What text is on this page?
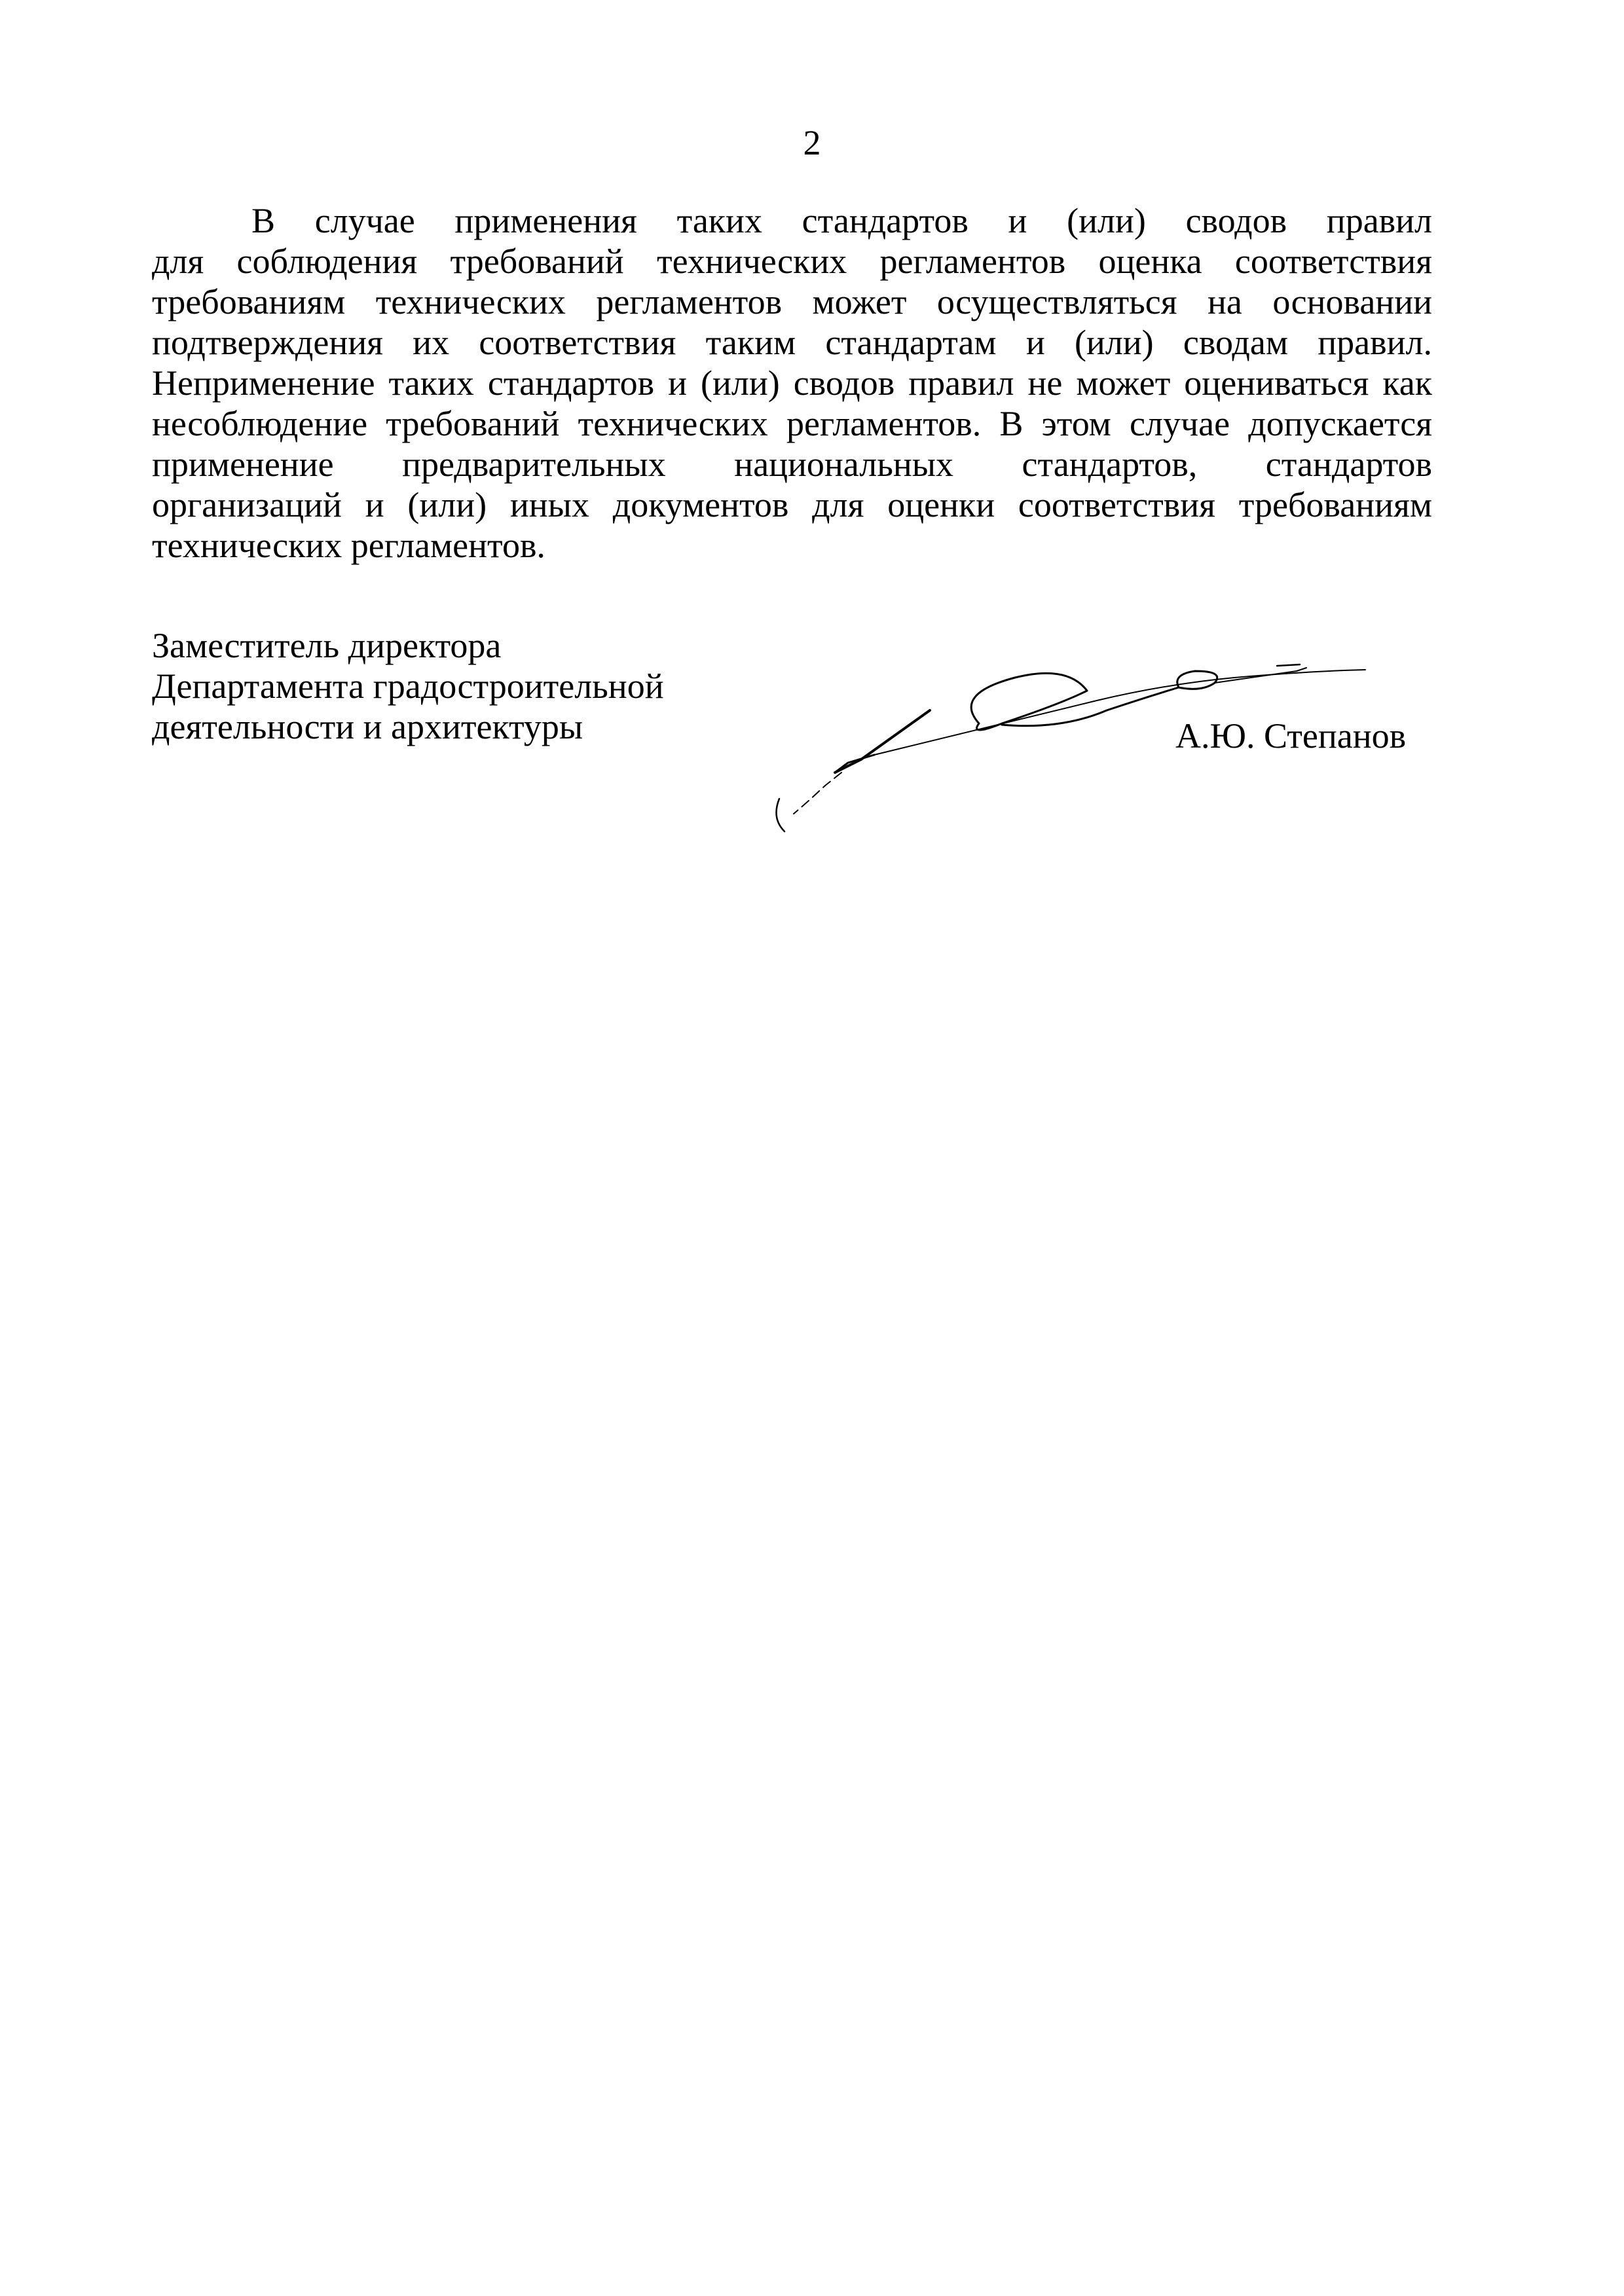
2

В случае применения таких стандартов и (или) сводов правил
для соблюдения требований технических регламентов оценка соответствия
требованиям технических регламентов может осуществляться на основании
подтверждения их соответствия таким стандартам и (или) сводам правил.
Неприменение таких стандартов и (или) сводов правил не может оцениваться как
несоблюдение требований технических регламентов. В этом случае допускается
применение предварительных национальных стандартов, стандартов
организаций и (или) иных документов для оценки соответствия требованиям
технических регламентов.

Заместитель директора
Департамента градостроительной
деятельности и архитектуры	А.Ю. Степанов
